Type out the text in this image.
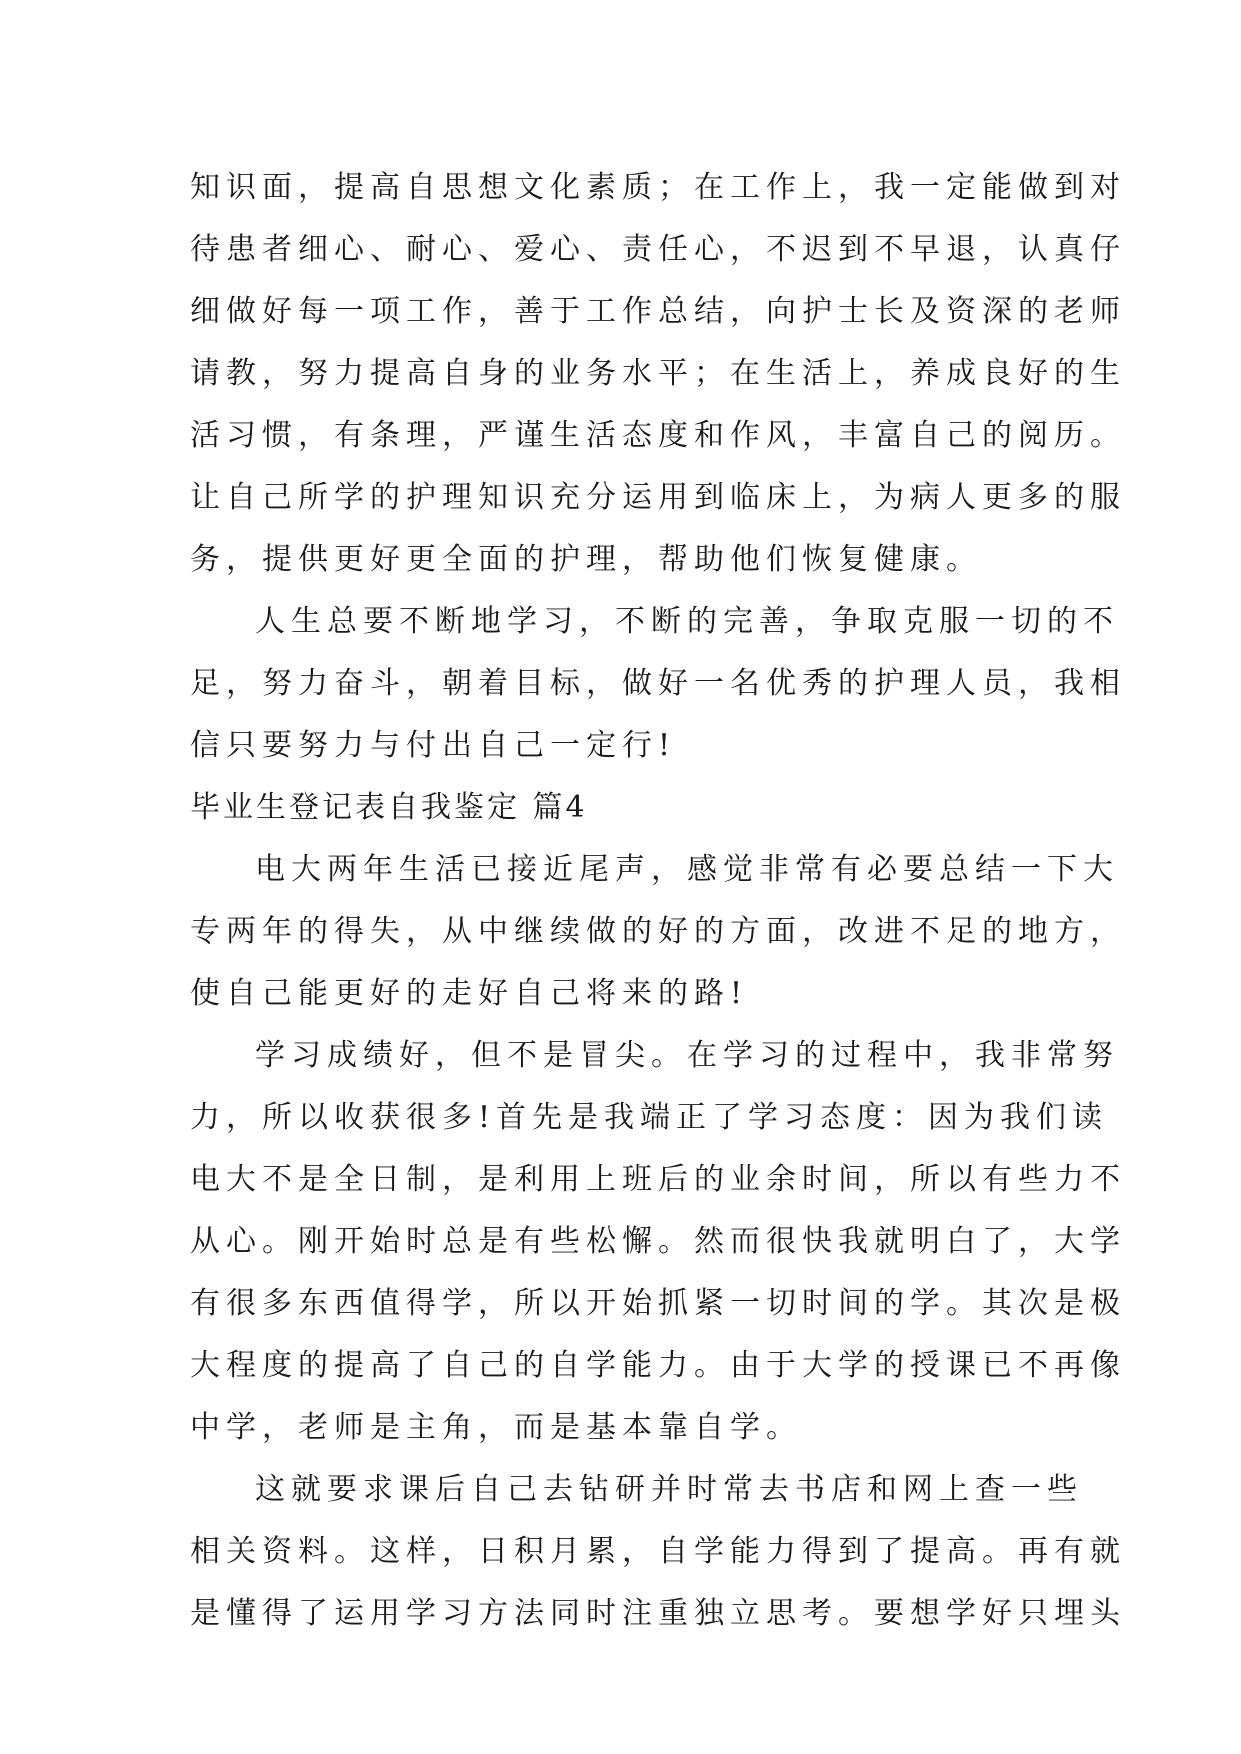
知识面，提高自思想文化素质；在工作上，我一定能做到对
待患者细心、耐心、爱心、责任心，不迟到不早退，认真仔
细做好每一项工作，善于工作总结，向护士长及资深的老师
请教，努力提高自身的业务水平；在生活上，养成良好的生
活习惯，有条理，严谨生活态度和作风，丰富自己的阅历。
让自己所学的护理知识充分运用到临床上，为病人更多的服
务，提供更好更全面的护理，帮助他们恢复健康。
人生总要不断地学习，不断的完善，争取克服一切的不
足，努力奋斗，朝着目标，做好一名优秀的护理人员，我相
信只要努力与付出自己一定行!
毕业生登记表自我鉴定 篇4
电大两年生活已接近尾声，感觉非常有必要总结一下大
专两年的得失，从中继续做的好的方面，改进不足的地方，
使自己能更好的走好自己将来的路!
学习成绩好，但不是冒尖。在学习的过程中，我非常努
力，所以收获很多!首先是我端正了学习态度：因为我们读
电大不是全日制，是利用上班后的业余时间，所以有些力不
从心。刚开始时总是有些松懈。然而很快我就明白了，大学
有很多东西值得学，所以开始抓紧一切时间的学。其次是极
大程度的提高了自己的自学能力。由于大学的授课已不再像
中学，老师是主角，而是基本靠自学。
这就要求课后自己去钻研并时常去书店和网上查一些
相关资料。这样，日积月累，自学能力得到了提高。再有就
是懂得了运用学习方法同时注重独立思考。要想学好只埋头
